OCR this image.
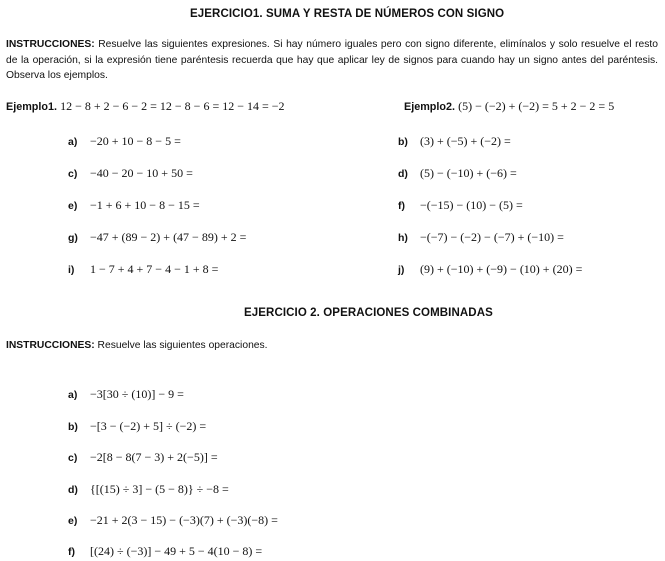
EJERCICIO1. SUMA Y RESTA DE NÚMEROS CON SIGNO
INSTRUCCIONES: Resuelve las siguientes expresiones. Si hay número iguales pero con signo diferente, elimínalos y solo resuelve el resto de la operación, si la expresión tiene paréntesis recuerda que hay que aplicar ley de signos para cuando hay un signo antes del paréntesis. Observa los ejemplos.
Ejemplo1. 12 − 8 + 2 − 6 − 2 = 12 − 8 − 6 = 12 − 14 = −2	Ejemplo2. (5) − (−2) + (−2) = 5 + 2 − 2 = 5
a) −20 + 10 − 8 − 5 =
c) −40 − 20 − 10 + 50 =
e) −1 + 6 + 10 − 8 − 15 =
g) −47 + (89 − 2) + (47 − 89) + 2 =
i) 1 − 7 + 4 + 7 − 4 − 1 + 8 =
b) (3) + (−5) + (−2) =
d) (5) − (−10) + (−6) =
f) −(−15) − (10) − (5) =
h) −(−7) − (−2) − (−7) + (−10) =
j) (9) + (−10) + (−9) − (10) + (20) =
EJERCICIO 2. OPERACIONES COMBINADAS
INSTRUCCIONES: Resuelve las siguientes operaciones.
a) −3[30 ÷ (10)] − 9 =
b) −[3 − (−2) + 5] ÷ (−2) =
c) −2[8 − 8(7 − 3) + 2(−5)] =
d) {[(15) ÷ 3] − (5 − 8)} ÷ −8 =
e) −21 + 2(3 − 15) − (−3)(7) + (−3)(−8) =
f) [(24) ÷ (−3)] − 49 + 5 − 4(10 − 8) =
